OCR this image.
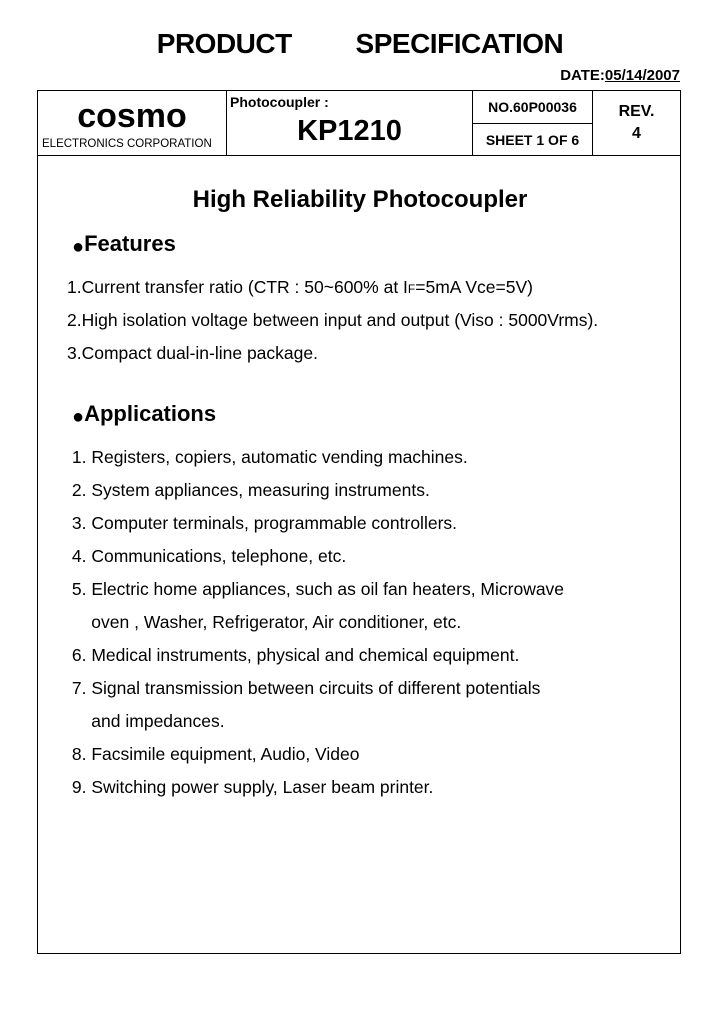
PRODUCT   SPECIFICATION
DATE:05/14/2007
cosmo
ELECTRONICS CORPORATION
Photocoupler :
KP1210
NO.60P00036
SHEET 1 OF 6
REV.
4
High Reliability Photocoupler
●Features
1.Current transfer ratio (CTR : 50~600% at IF=5mA Vce=5V)
2.High isolation voltage between input and output (Viso : 5000Vrms).
3.Compact dual-in-line package.
●Applications
1. Registers, copiers, automatic vending machines.
2. System appliances, measuring instruments.
3. Computer terminals, programmable controllers.
4. Communications, telephone, etc.
5. Electric home appliances, such as oil fan heaters, Microwave
oven , Washer, Refrigerator, Air conditioner, etc.
6. Medical instruments, physical and chemical equipment.
7. Signal transmission between circuits of different potentials
and impedances.
8. Facsimile equipment, Audio, Video
9. Switching power supply, Laser beam printer.
